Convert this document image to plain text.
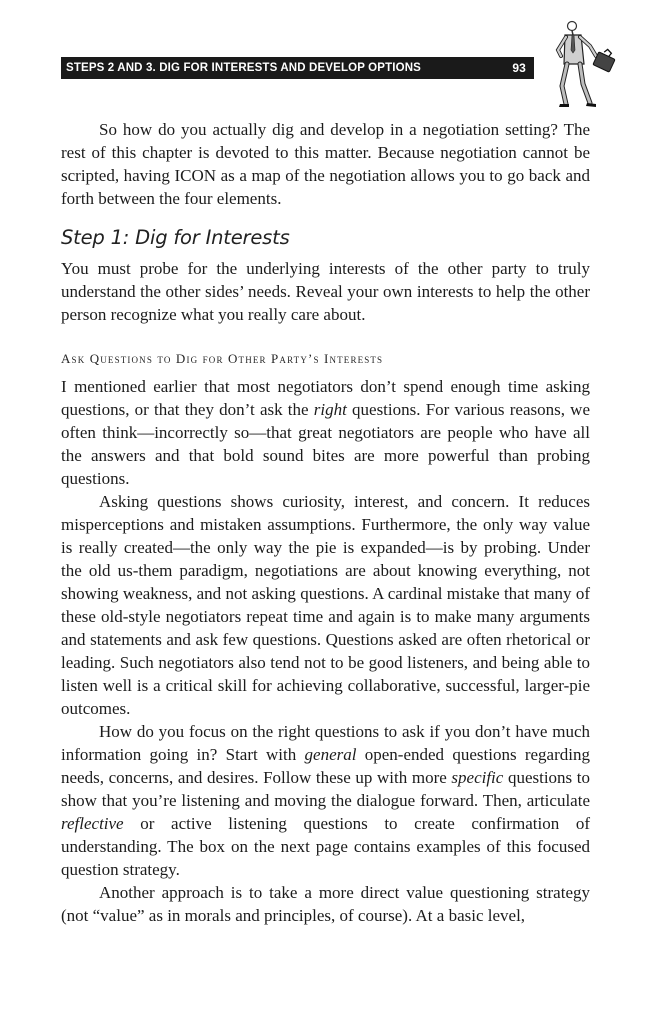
STEPS 2 AND 3. DIG FOR INTERESTS AND DEVELOP OPTIONS	93

So how do you actually dig and develop in a negotiation setting? The rest of this chapter is devoted to this matter. Because negotiation cannot be scripted, having ICON as a map of the negotiation allows you to go back and forth between the four elements.

Step 1: Dig for Interests

You must probe for the underlying interests of the other party to truly understand the other sides’ needs. Reveal your own interests to help the other person recognize what you really care about.

Ask Questions to Dig for Other Party’s Interests

I mentioned earlier that most negotiators don’t spend enough time asking questions, or that they don’t ask the right questions. For various reasons, we often think—incorrectly so—that great negotiators are people who have all the answers and that bold sound bites are more powerful than probing questions.

Asking questions shows curiosity, interest, and concern. It reduces misperceptions and mistaken assumptions. Furthermore, the only way value is really created—the only way the pie is expanded—is by probing. Under the old us-them paradigm, negotiations are about knowing everything, not showing weakness, and not asking questions. A cardinal mistake that many of these old-style negotiators repeat time and again is to make many arguments and statements and ask few questions. Questions asked are often rhetorical or leading. Such negotiators also tend not to be good listeners, and being able to listen well is a critical skill for achieving collaborative, successful, larger-pie outcomes.

How do you focus on the right questions to ask if you don’t have much information going in? Start with general open-ended questions regarding needs, concerns, and desires. Follow these up with more specific questions to show that you’re listening and moving the dialogue forward. Then, articulate reflective or active listening questions to create confirmation of understanding. The box on the next page contains examples of this focused question strategy.

Another approach is to take a more direct value questioning strategy (not “value” as in morals and principles, of course). At a basic level,
